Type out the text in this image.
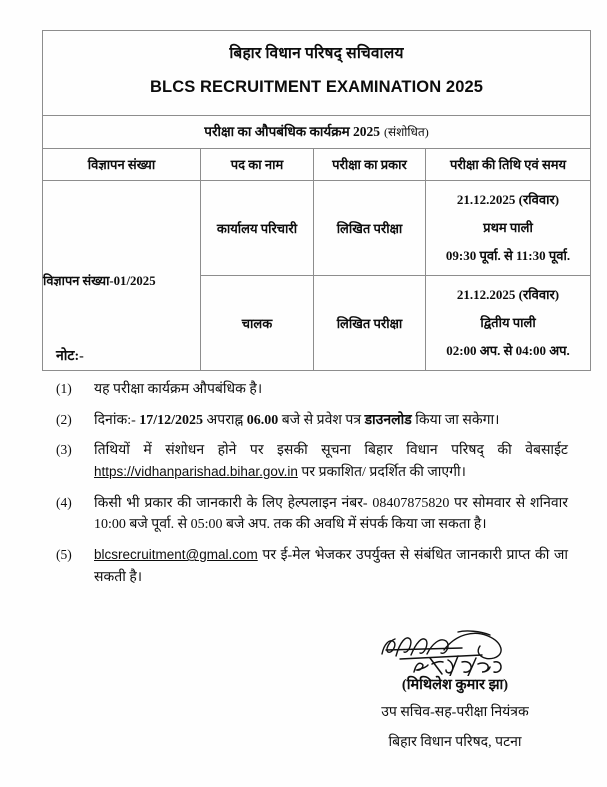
बिहार विधान परिषद् सचिवालय
BLCS RECRUITMENT EXAMINATION 2025			

परीक्षा का औपबंधिक कार्यक्रम 2025 (संशोधित)			
विज्ञापन संख्या	पद का नाम	परीक्षा का प्रकार	परीक्षा की तिथि एवं समय
विज्ञापन संख्या-01/2025	कार्यालय परिचारी	लिखित परीक्षा	21.12.2025 (रविवार)
प्रथम पाली
09:30 पूर्वा. से 11:30 पूर्वा.

	चालक	लिखित परीक्षा	21.12.2025 (रविवार)
द्वितीय पाली
02:00 अप. से 04:00 अप.
नोट:-
(1)	यह परीक्षा कार्यक्रम औपबंधिक है।
(2)	दिनांक:- 17/12/2025 अपराह्न 06.00 बजे से प्रवेश पत्र डाउनलोड किया जा सकेगा।
(3)	तिथियों में संशोधन होने पर इसकी सूचना बिहार विधान परिषद् की वेबसाईट https://vidhanparishad.bihar.gov.in पर प्रकाशित/ प्रदर्शित की जाएगी।
(4)	किसी भी प्रकार की जानकारी के लिए हेल्पलाइन नंबर- 08407875820 पर सोमवार से शनिवार 10:00 बजे पूर्वा. से 05:00 बजे अप. तक की अवधि में संपर्क किया जा सकता है।
(5)	blcsrecruitment@gmal.com पर ई-मेल भेजकर उपर्युक्त से संबंधित जानकारी प्राप्त की जा सकती है।
(मिथिलेश कुमार झा)
उप सचिव-सह-परीक्षा नियंत्रक
बिहार विधान परिषद, पटना
